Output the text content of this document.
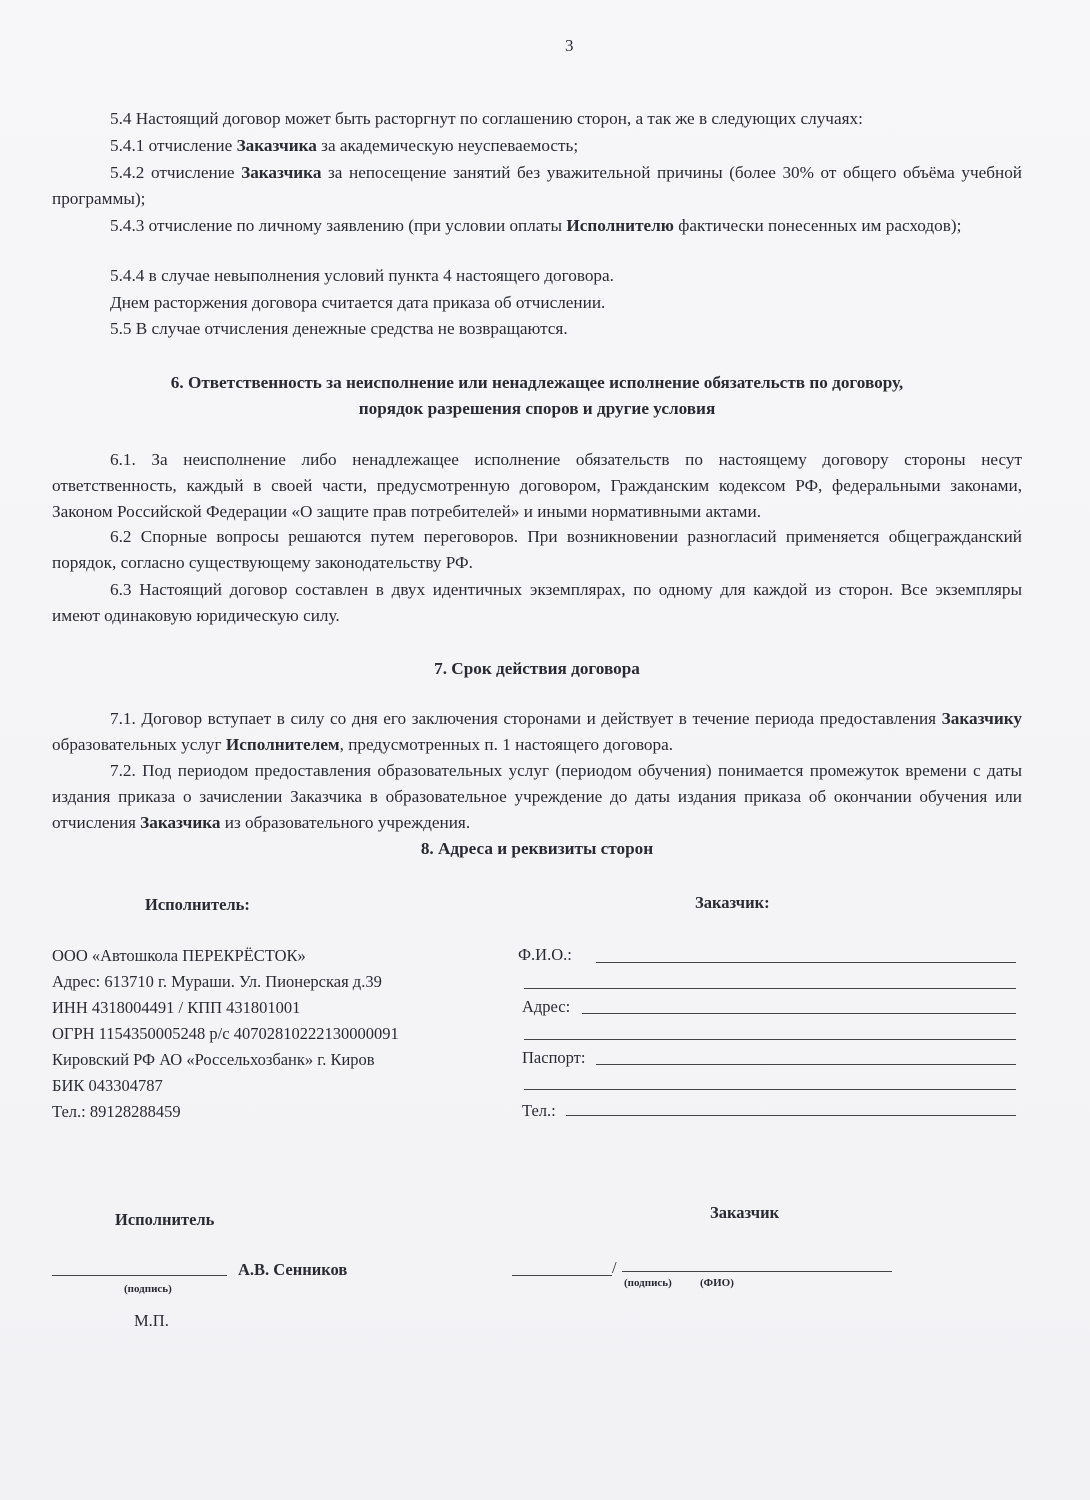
3

5.4 Настоящий договор может быть расторгнут по соглашению сторон, а так же в следующих случаях:

5.4.1 отчисление Заказчика за академическую неуспеваемость;

5.4.2 отчисление Заказчика за непосещение занятий без уважительной причины (более 30% от общего объёма учебной программы);

5.4.3 отчисление по личному заявлению (при условии оплаты Исполнителю фактически понесенных им расходов);

5.4.4 в случае невыполнения условий пункта 4 настоящего договора.

Днем расторжения договора считается дата приказа об отчислении.

5.5 В случае отчисления денежные средства не возвращаются.

6. Ответственность за неисполнение или ненадлежащее исполнение обязательств по договору,
порядок разрешения споров и другие условия

6.1. За неисполнение либо ненадлежащее исполнение обязательств по настоящему договору стороны несут ответственность, каждый в своей части, предусмотренную договором, Гражданским кодексом РФ, федеральными законами, Законом Российской Федерации «О защите прав потребителей» и иными нормативными актами.

6.2 Спорные вопросы решаются путем переговоров. При возникновении разногласий применяется общегражданский порядок, согласно существующему законодательству РФ.

6.3 Настоящий договор составлен в двух идентичных экземплярах, по одному для каждой из сторон. Все экземпляры имеют одинаковую юридическую силу.

7. Срок действия договора

7.1. Договор вступает в силу со дня его заключения сторонами и действует в течение периода предоставления Заказчику образовательных услуг Исполнителем, предусмотренных п. 1 настоящего договора.

7.2. Под периодом предоставления образовательных услуг (периодом обучения) понимается промежуток времени с даты издания приказа о зачислении Заказчика в образовательное учреждение до даты издания приказа об окончании обучения или отчисления Заказчика из образовательного учреждения.

8. Адреса и реквизиты сторон
Исполнитель:	Заказчик:
ООО «Автошкола ПЕРЕКРЁСТОК»
Адрес: 613710 г. Мураши. Ул. Пионерская д.39
ИНН 4318004491 / КПП 431801001
ОГРН 1154350005248 р/с 40702810222130000091
Кировский РФ АО «Россельхозбанк» г. Киров
БИК 043304787
Тел.: 89128288459
Ф.И.О.:
Адрес:
Паспорт:
Тел.:
Исполнитель	Заказчик
А.В. Сенников
(подпись)
/
(подпись)	(ФИО)
М.П.
